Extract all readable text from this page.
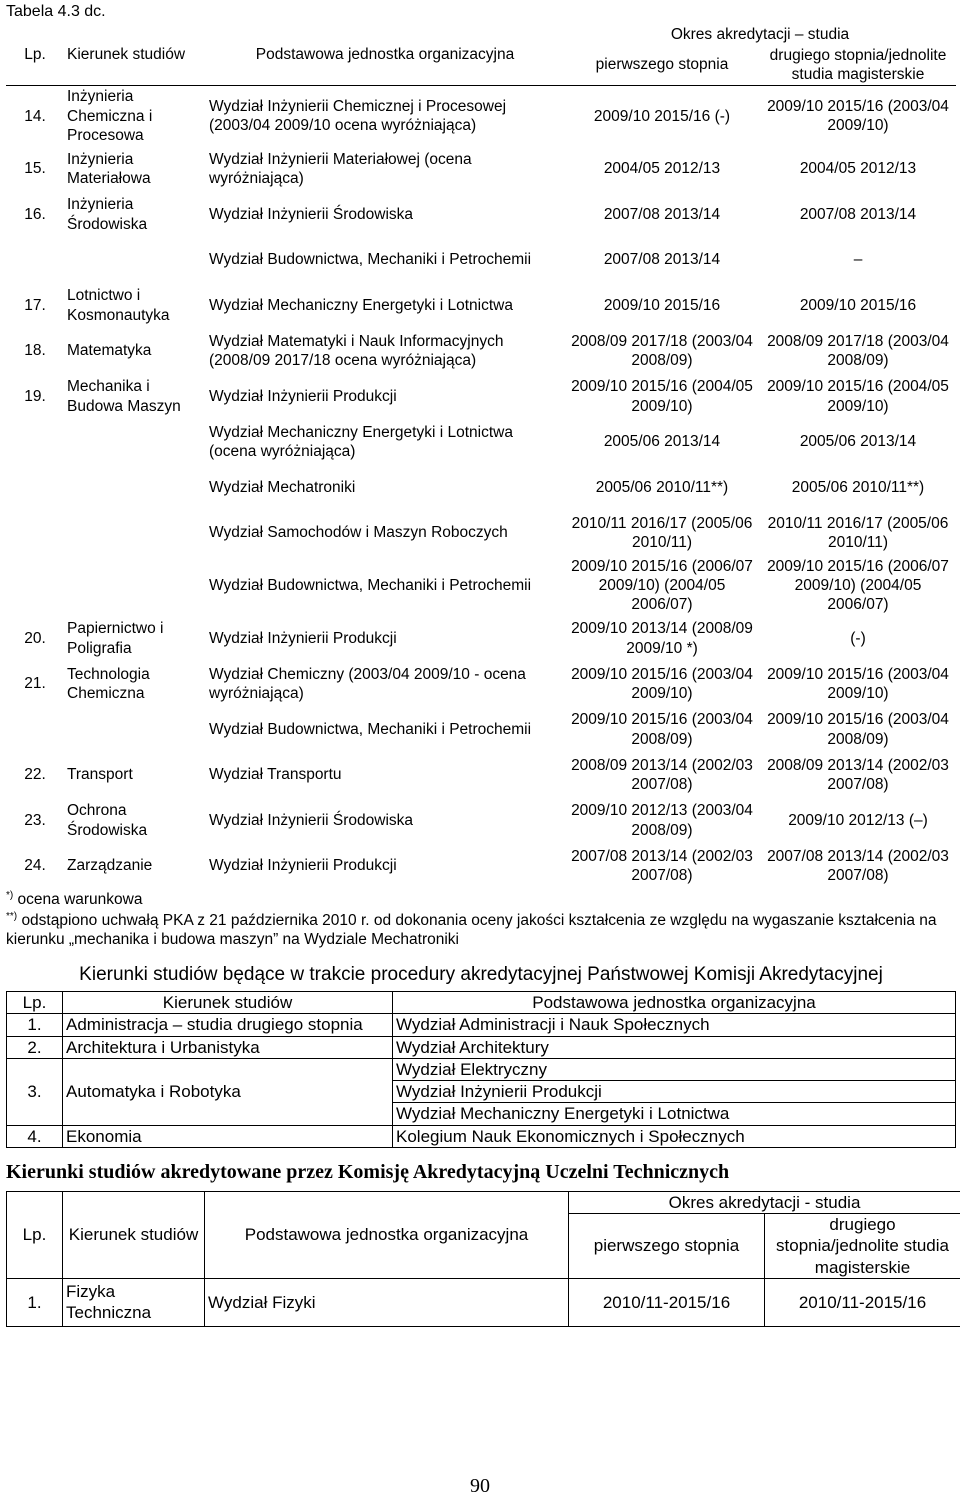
Tabela 4.3 dc.
Lp.	Kierunek studiów	Podstawowa jednostka organizacyjna	Okres akredytacji – studia	
			pierwszego stopnia	drugiego stopnia/jednolite studia magisterskie
14.	Inżynieria Chemiczna i Procesowa	Wydział Inżynierii Chemicznej i Procesowej (2003/04 2009/10 ocena wyróżniająca)	2009/10 2015/16 (-)	2009/10 2015/16 (2003/04 2009/10)
15.	Inżynieria Materiałowa	Wydział Inżynierii Materiałowej (ocena wyróżniająca)	2004/05 2012/13	2004/05 2012/13
16.	Inżynieria Środowiska	Wydział Inżynierii Środowiska	2007/08 2013/14	2007/08 2013/14
		Wydział Budownictwa, Mechaniki i Petrochemii	2007/08 2013/14	–
17.	Lotnictwo i Kosmonautyka	Wydział Mechaniczny Energetyki i Lotnictwa	2009/10 2015/16	2009/10 2015/16
18.	Matematyka	Wydział Matematyki i Nauk Informacyjnych (2008/09 2017/18 ocena wyróżniająca)	2008/09 2017/18 (2003/04 2008/09)	2008/09 2017/18 (2003/04 2008/09)
19.	Mechanika i Budowa Maszyn	Wydział Inżynierii Produkcji	2009/10 2015/16 (2004/05 2009/10)	2009/10 2015/16 (2004/05 2009/10)
		Wydział Mechaniczny Energetyki i Lotnictwa (ocena wyróżniająca)	2005/06 2013/14	2005/06 2013/14
		Wydział Mechatroniki	2005/06 2010/11**)	2005/06 2010/11**)
		Wydział Samochodów i Maszyn Roboczych	2010/11 2016/17 (2005/06 2010/11)	2010/11 2016/17 (2005/06 2010/11)
		Wydział Budownictwa, Mechaniki i Petrochemii	2009/10 2015/16 (2006/07 2009/10) (2004/05 2006/07)	2009/10 2015/16 (2006/07 2009/10) (2004/05 2006/07)
20.	Papiernictwo i Poligrafia	Wydział Inżynierii Produkcji	2009/10 2013/14 (2008/09 2009/10 *)	(-)
21.	Technologia Chemiczna	Wydział Chemiczny (2003/04 2009/10 - ocena wyróżniająca)	2009/10 2015/16 (2003/04 2009/10)	2009/10 2015/16 (2003/04 2009/10)
		Wydział Budownictwa, Mechaniki i Petrochemii	2009/10 2015/16 (2003/04 2008/09)	2009/10 2015/16 (2003/04 2008/09)
22.	Transport	Wydział Transportu	2008/09 2013/14 (2002/03 2007/08)	2008/09 2013/14 (2002/03 2007/08)
23.	Ochrona Środowiska	Wydział Inżynierii Środowiska	2009/10 2012/13 (2003/04 2008/09)	2009/10 2012/13 (–)
24.	Zarządzanie	Wydział Inżynierii Produkcji	2007/08 2013/14 (2002/03 2007/08)	2007/08 2013/14 (2002/03 2007/08)
*) ocena warunkowa
**) odstąpiono uchwałą PKA z 21 października 2010 r. od dokonania oceny jakości kształcenia ze względu na wygaszanie kształcenia na kierunku „mechanika i budowa maszyn” na Wydziale Mechatroniki
Kierunki studiów będące w trakcie procedury akredytacyjnej Państwowej Komisji Akredytacyjnej
Lp.	Kierunek studiów	Podstawowa jednostka organizacyjna
1.	Administracja – studia drugiego stopnia	Wydział Administracji i Nauk Społecznych
2.	Architektura i Urbanistyka	Wydział Architektury
3.	Automatyka i Robotyka	Wydział Elektryczny
		Wydział Inżynierii Produkcji
		Wydział Mechaniczny Energetyki i Lotnictwa
4.	Ekonomia	Kolegium Nauk Ekonomicznych i Społecznych
Kierunki studiów akredytowane przez Komisję Akredytacyjną Uczelni Technicznych
Lp.	Kierunek studiów	Podstawowa jednostka organizacyjna	Okres akredytacji - studia	
			pierwszego stopnia	drugiego stopnia/jednolite studia magisterskie
1.	Fizyka Techniczna	Wydział Fizyki	2010/11-2015/16	2010/11-2015/16
90
